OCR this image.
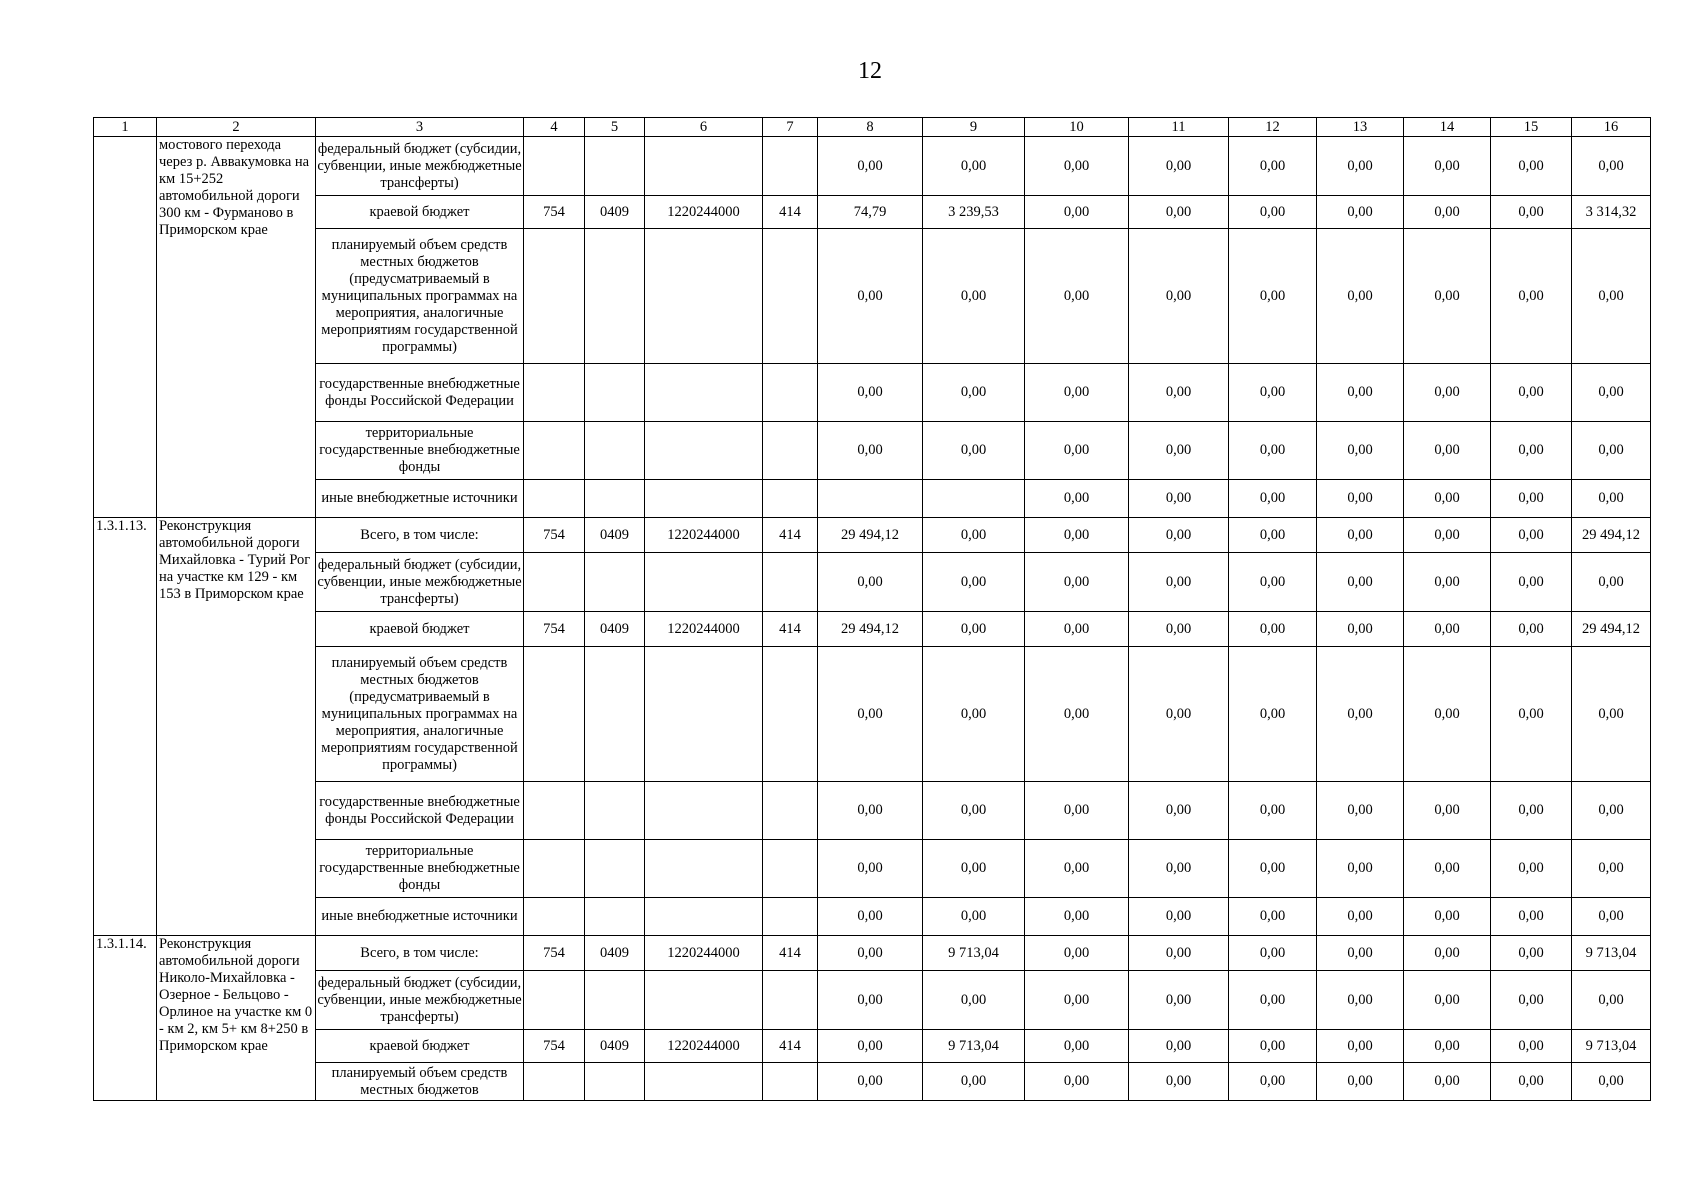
12
1	2	3	4	5	6	7	8	9	10	11	12	13	14	15	16
	мостового перехода через р. Аввакумовка на км 15+252 автомобильной дороги 300 км - Фурманово в Приморском крае	федеральный бюджет (субсидии, субвенции, иные межбюджетные трансферты)					0,00	0,00	0,00	0,00	0,00	0,00	0,00	0,00	0,00
		краевой бюджет	754	0409	1220244000	414	74,79	3 239,53	0,00	0,00	0,00	0,00	0,00	0,00	3 314,32
		планируемый объем средств местных бюджетов (предусматриваемый в муниципальных программах на мероприятия, аналогичные мероприятиям государственной программы)					0,00	0,00	0,00	0,00	0,00	0,00	0,00	0,00	0,00
		государственные внебюджетные фонды Российской Федерации					0,00	0,00	0,00	0,00	0,00	0,00	0,00	0,00	0,00
		территориальные государственные внебюджетные фонды					0,00	0,00	0,00	0,00	0,00	0,00	0,00	0,00	0,00
		иные внебюджетные источники							0,00	0,00	0,00	0,00	0,00	0,00	0,00
1.3.1.13.	Реконструкция автомобильной дороги Михайловка - Турий Рог на участке км 129 - км 153 в Приморском крае	Всего, в том числе:	754	0409	1220244000	414	29 494,12	0,00	0,00	0,00	0,00	0,00	0,00	0,00	29 494,12
		федеральный бюджет (субсидии, субвенции, иные межбюджетные трансферты)					0,00	0,00	0,00	0,00	0,00	0,00	0,00	0,00	0,00
		краевой бюджет	754	0409	1220244000	414	29 494,12	0,00	0,00	0,00	0,00	0,00	0,00	0,00	29 494,12
		планируемый объем средств местных бюджетов (предусматриваемый в муниципальных программах на мероприятия, аналогичные мероприятиям государственной программы)					0,00	0,00	0,00	0,00	0,00	0,00	0,00	0,00	0,00
		государственные внебюджетные фонды Российской Федерации					0,00	0,00	0,00	0,00	0,00	0,00	0,00	0,00	0,00
		территориальные государственные внебюджетные фонды					0,00	0,00	0,00	0,00	0,00	0,00	0,00	0,00	0,00
		иные внебюджетные источники					0,00	0,00	0,00	0,00	0,00	0,00	0,00	0,00	0,00
1.3.1.14.	Реконструкция автомобильной дороги Николо-Михайловка - Озерное - Бельцово - Орлиное на участке км 0 - км 2, км 5+ км 8+250 в Приморском крае	Всего, в том числе:	754	0409	1220244000	414	0,00	9 713,04	0,00	0,00	0,00	0,00	0,00	0,00	9 713,04
		федеральный бюджет (субсидии, субвенции, иные межбюджетные трансферты)					0,00	0,00	0,00	0,00	0,00	0,00	0,00	0,00	0,00
		краевой бюджет	754	0409	1220244000	414	0,00	9 713,04	0,00	0,00	0,00	0,00	0,00	0,00	9 713,04
		планируемый объем средств местных бюджетов					0,00	0,00	0,00	0,00	0,00	0,00	0,00	0,00	0,00
